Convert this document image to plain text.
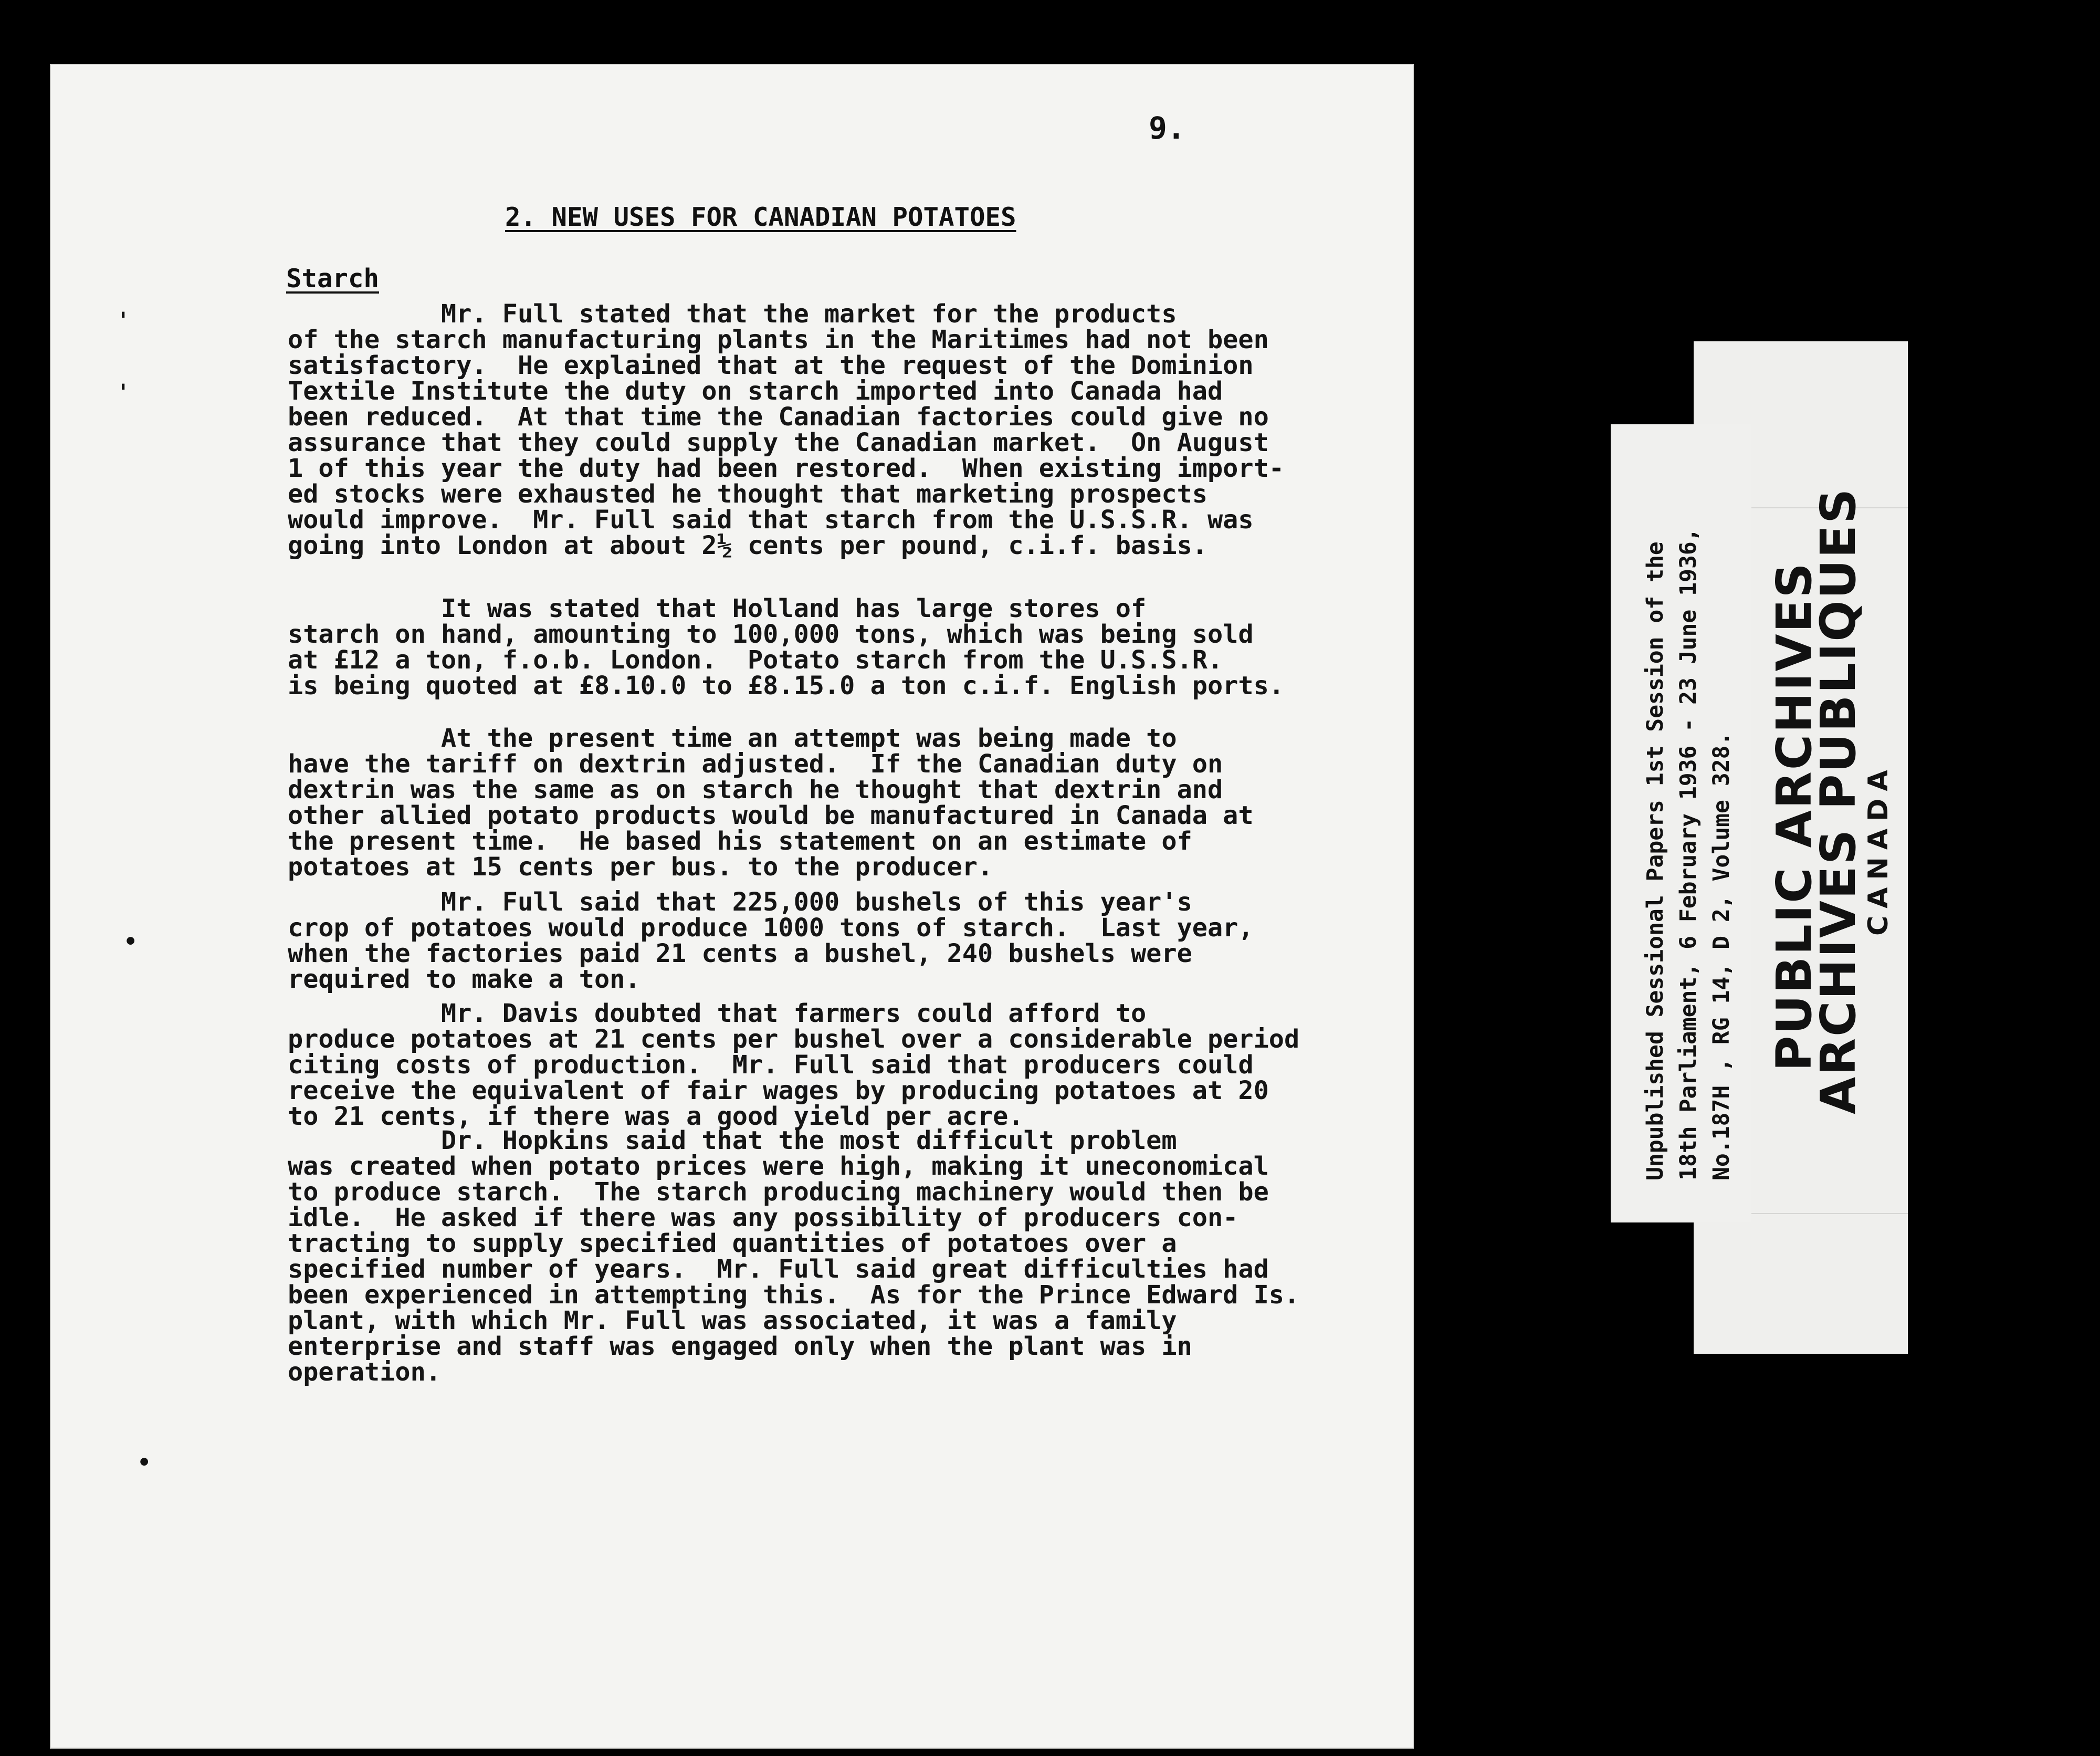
9.
2. NEW USES FOR CANADIAN POTATOES
Starch
Mr. Full stated that the market for the products
of the starch manufacturing plants in the Maritimes had not been
satisfactory.  He explained that at the request of the Dominion
Textile Institute the duty on starch imported into Canada had
been reduced.  At that time the Canadian factories could give no
assurance that they could supply the Canadian market.  On August
1 of this year the duty had been restored.  When existing import-
ed stocks were exhausted he thought that marketing prospects
would improve.  Mr. Full said that starch from the U.S.S.R. was
going into London at about 2½ cents per pound, c.i.f. basis.
It was stated that Holland has large stores of
starch on hand, amounting to 100,000 tons, which was being sold
at £12 a ton, f.o.b. London.  Potato starch from the U.S.S.R.
is being quoted at £8.10.0 to £8.15.0 a ton c.i.f. English ports.
At the present time an attempt was being made to
have the tariff on dextrin adjusted.  If the Canadian duty on
dextrin was the same as on starch he thought that dextrin and
other allied potato products would be manufactured in Canada at
the present time.  He based his statement on an estimate of
potatoes at 15 cents per bus. to the producer.
Mr. Full said that 225,000 bushels of this year's
crop of potatoes would produce 1000 tons of starch.  Last year,
when the factories paid 21 cents a bushel, 240 bushels were
required to make a ton.
Mr. Davis doubted that farmers could afford to
produce potatoes at 21 cents per bushel over a considerable period
citing costs of production.  Mr. Full said that producers could
receive the equivalent of fair wages by producing potatoes at 20
to 21 cents, if there was a good yield per acre.
Dr. Hopkins said that the most difficult problem
was created when potato prices were high, making it uneconomical
to produce starch.  The starch producing machinery would then be
idle.  He asked if there was any possibility of producers con-
tracting to supply specified quantities of potatoes over a
specified number of years.  Mr. Full said great difficulties had
been experienced in attempting this.  As for the Prince Edward Is.
plant, with which Mr. Full was associated, it was a family
enterprise and staff was engaged only when the plant was in
operation.
'
'
•
•
Unpublished Sessional Papers 1st Session of the 18th Parliament, 6 February 1936 - 23 June 1936, No.187H , RG 14, D 2, Volume 328. PUBLIC ARCHIVES
ARCHIVES PUBLIQUES
CANADA
